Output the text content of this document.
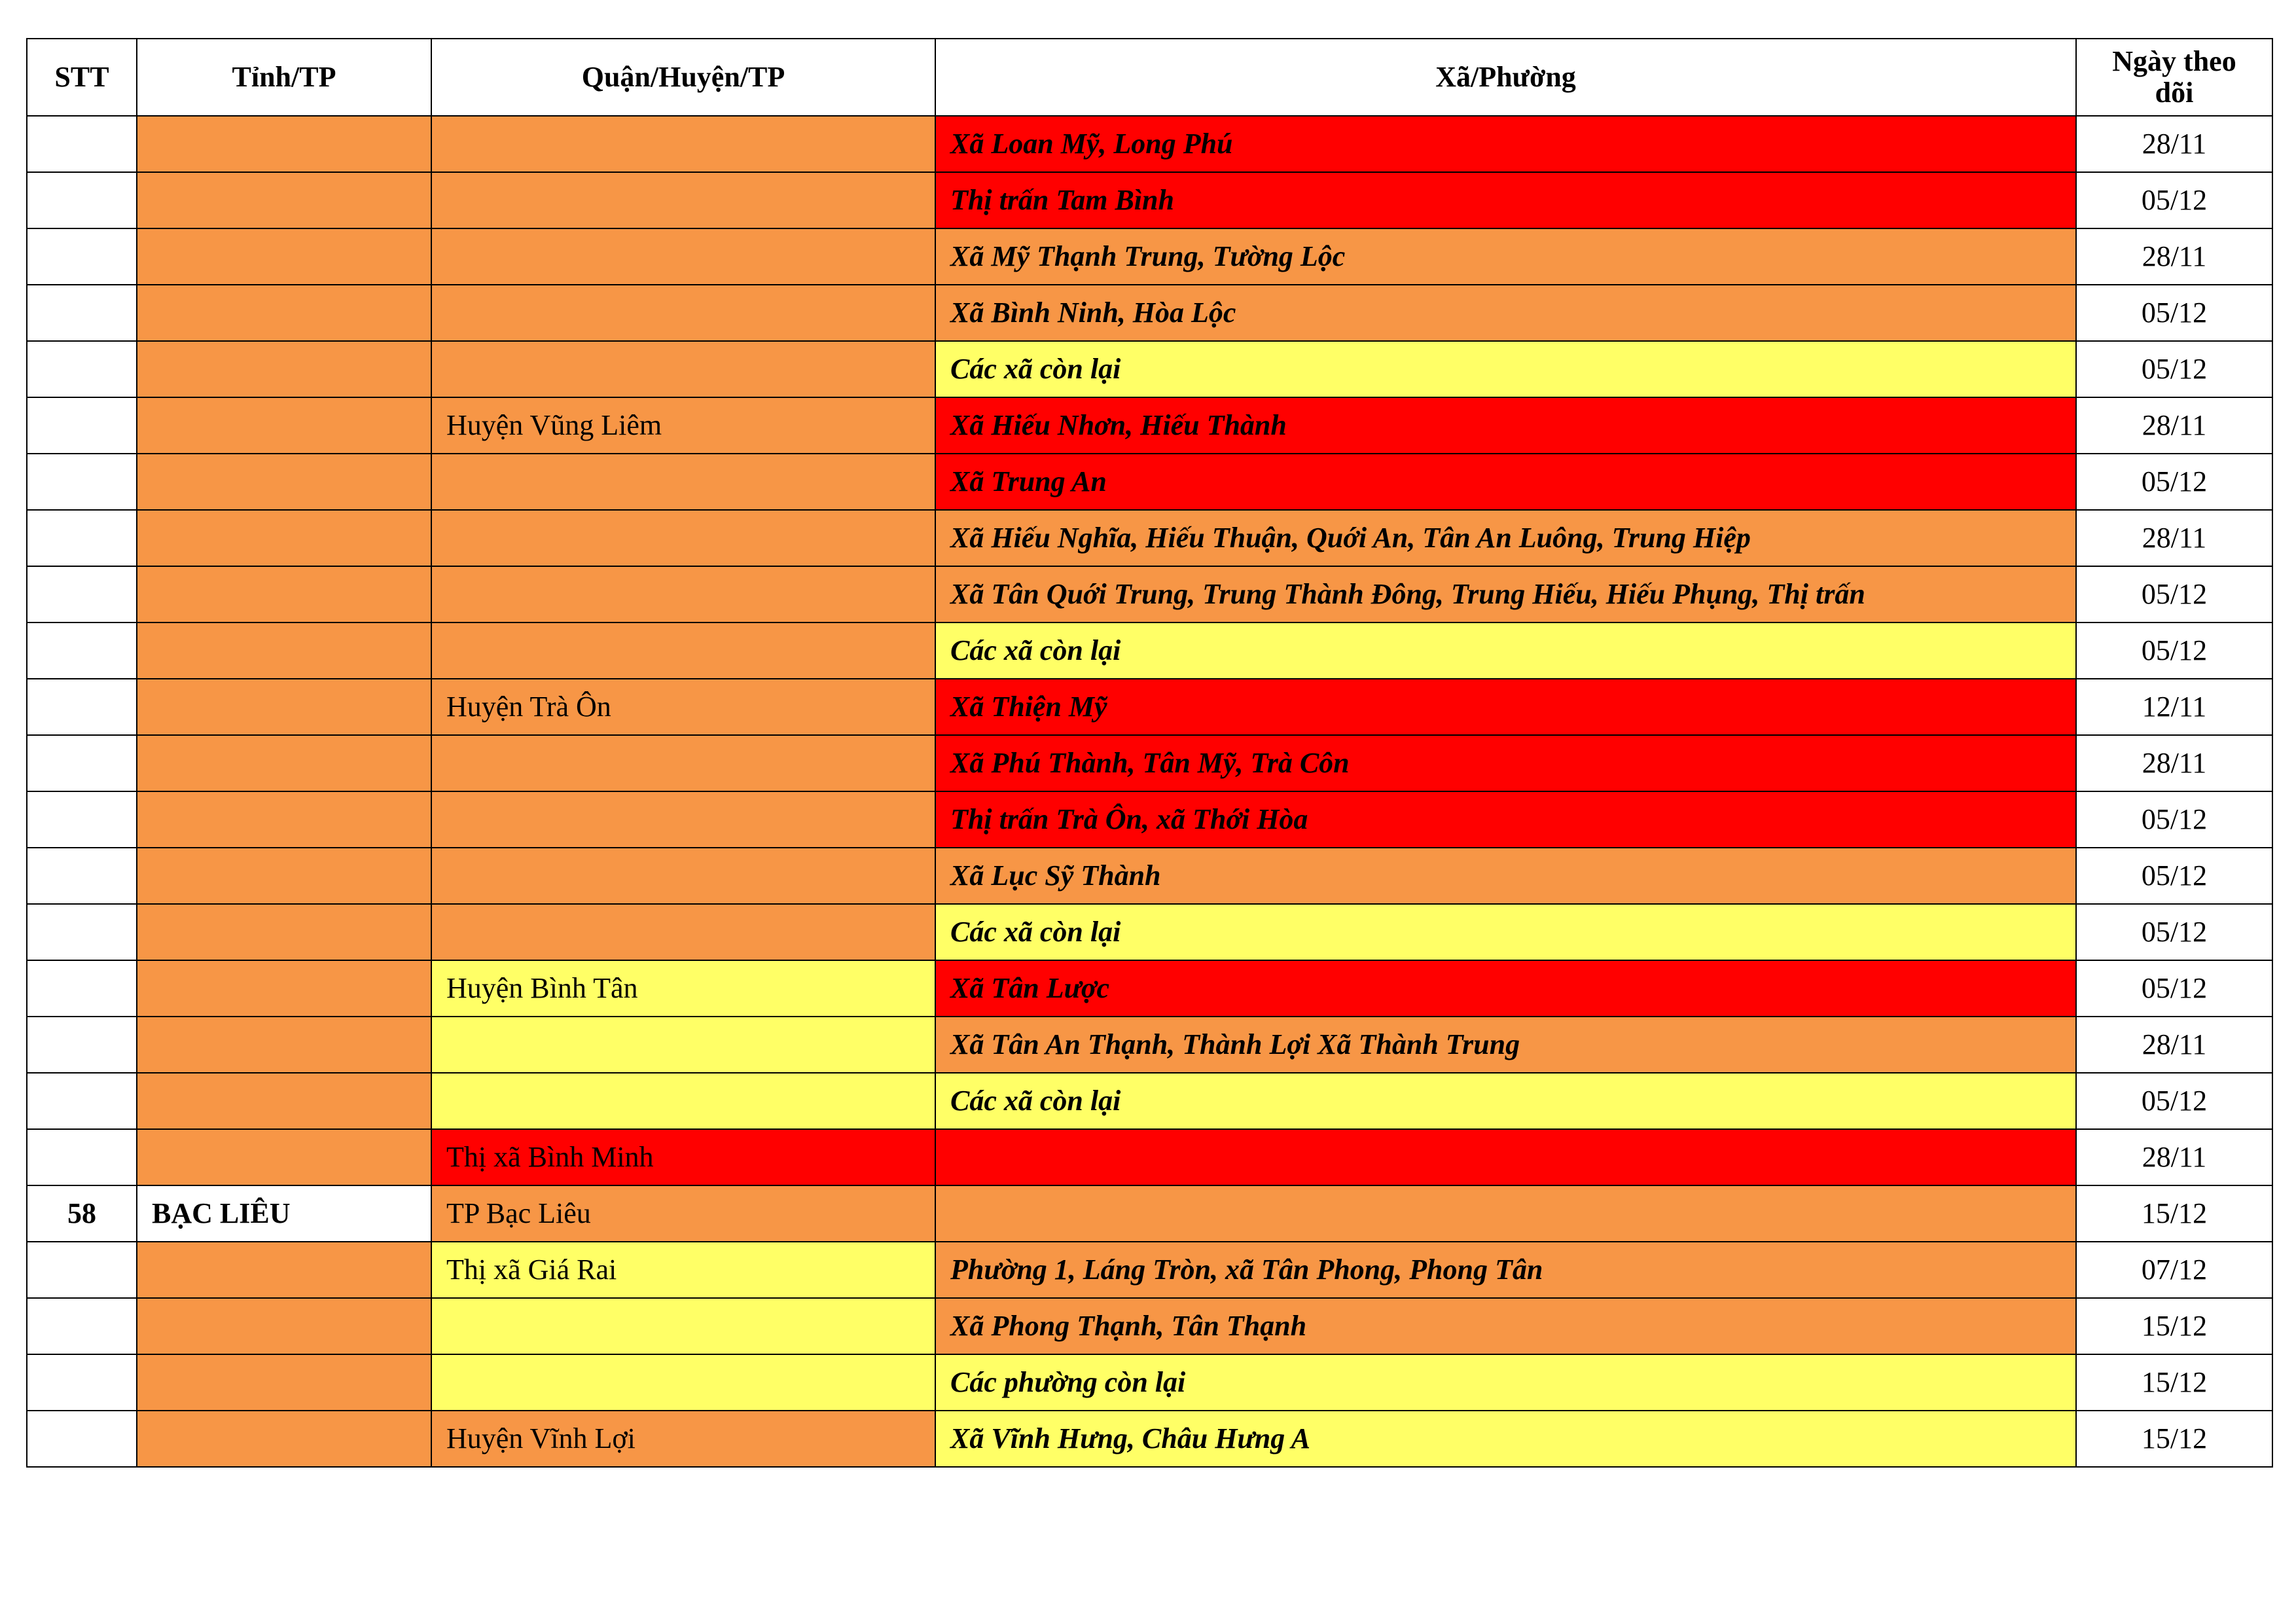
STT	Tỉnh/TP	Quận/Huyện/TP	Xã/Phường	Ngày theo dõi
			Xã Loan Mỹ, Long Phú	28/11
			Thị trấn Tam Bình	05/12
			Xã Mỹ Thạnh Trung, Tường Lộc	28/11
			Xã Bình Ninh, Hòa Lộc	05/12
			Các xã còn lại	05/12
		Huyện Vũng Liêm	Xã Hiếu Nhơn, Hiếu Thành	28/11
			Xã Trung An	05/12
			Xã Hiếu Nghĩa, Hiếu Thuận, Quới An, Tân An Luông, Trung Hiệp	28/11
			Xã Tân Quới Trung, Trung Thành Đông, Trung Hiếu, Hiếu Phụng, Thị trấn	05/12
			Các xã còn lại	05/12
		Huyện Trà Ôn	Xã Thiện Mỹ	12/11
			Xã Phú Thành, Tân Mỹ, Trà Côn	28/11
			Thị trấn Trà Ôn, xã Thới Hòa	05/12
			Xã Lục Sỹ Thành	05/12
			Các xã còn lại	05/12
		Huyện Bình Tân	Xã Tân Lược	05/12
			Xã Tân An Thạnh, Thành Lợi Xã Thành Trung	28/11
			Các xã còn lại	05/12
		Thị xã Bình Minh		28/11
58	BẠC LIÊU	TP Bạc Liêu		15/12
		Thị xã Giá Rai	Phường 1, Láng Tròn, xã Tân Phong, Phong Tân	07/12
			Xã Phong Thạnh, Tân Thạnh	15/12
			Các phường còn lại	15/12
		Huyện Vĩnh Lợi	Xã Vĩnh Hưng, Châu Hưng A	15/12
